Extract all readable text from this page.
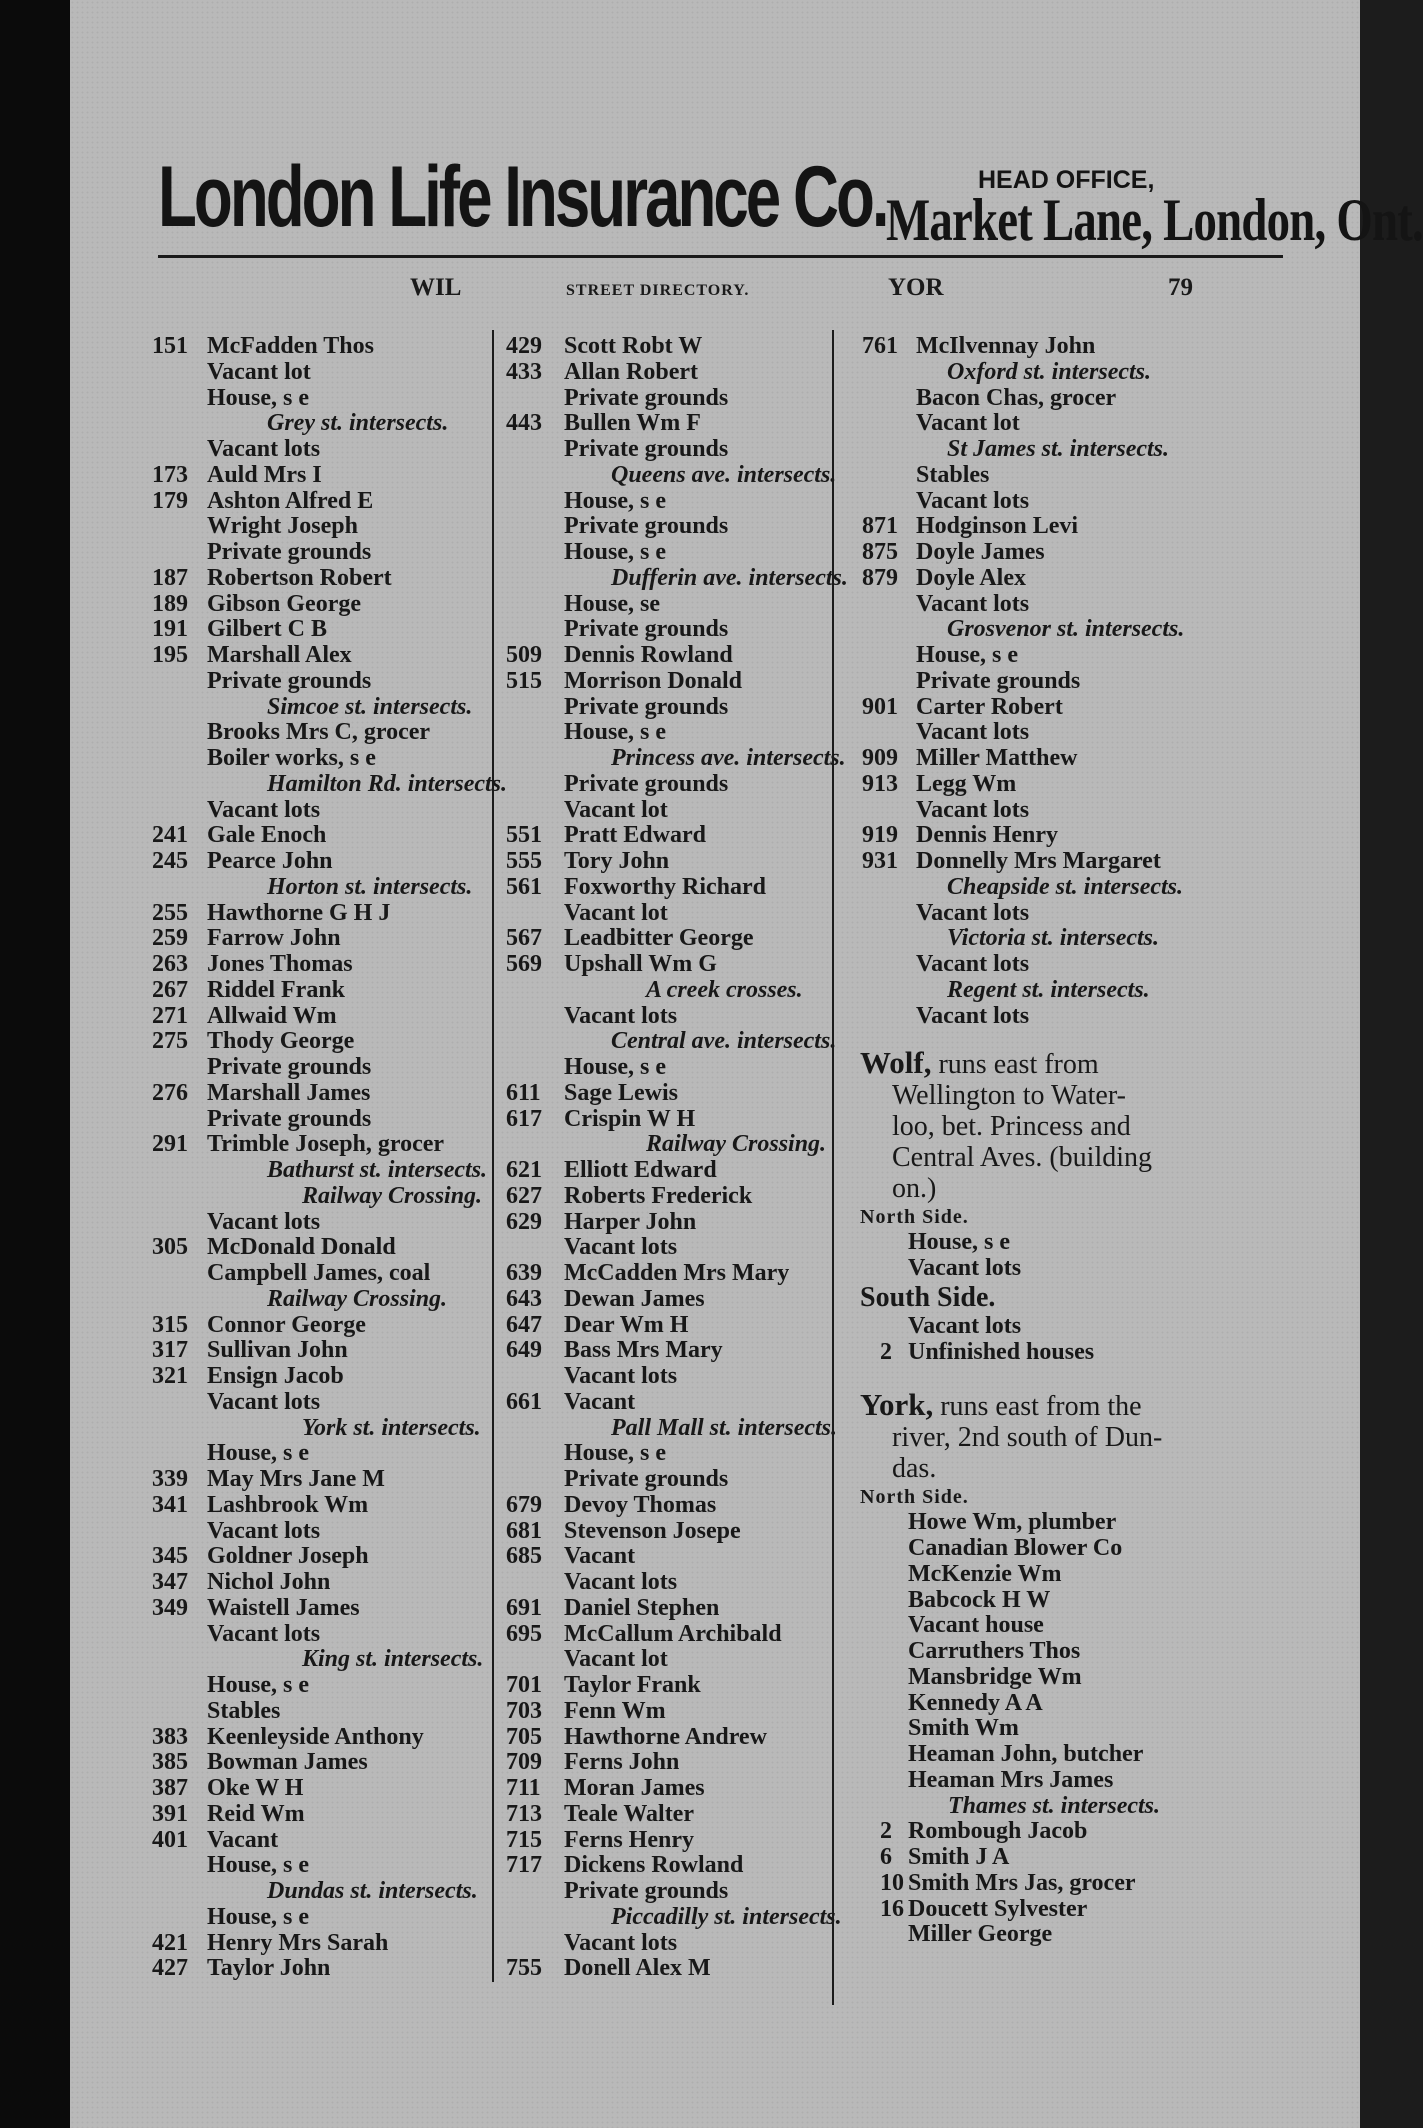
London Life Insurance Co.	HEAD OFFICE,
Market Lane, London, Ont.
WIL	STREET DIRECTORY.	YOR	79
151 McFadden Thos
Vacant lot
House, s e
Grey st. intersects.
Vacant lots
173 Auld Mrs I
179 Ashton Alfred E
Wright Joseph
Private grounds
187 Robertson Robert
189 Gibson George
191 Gilbert C B
195 Marshall Alex
Private grounds
Simcoe st. intersects.
Brooks Mrs C, grocer
Boiler works, s e
Hamilton Rd. intersects.
Vacant lots
241 Gale Enoch
245 Pearce John
Horton st. intersects.
255 Hawthorne G H J
259 Farrow John
263 Jones Thomas
267 Riddel Frank
271 Allwaid Wm
275 Thody George
Private grounds
276 Marshall James
Private grounds
291 Trimble Joseph, grocer
Bathurst st. intersects.
Railway Crossing.
Vacant lots
305 McDonald Donald
Campbell James, coal
Railway Crossing.
315 Connor George
317 Sullivan John
321 Ensign Jacob
Vacant lots
York st. intersects.
House, s e
339 May Mrs Jane M
341 Lashbrook Wm
Vacant lots
345 Goldner Joseph
347 Nichol John
349 Waistell James
Vacant lots
King st. intersects.
House, s e
Stables
383 Keenleyside Anthony
385 Bowman James
387 Oke W H
391 Reid Wm
401 Vacant
House, s e
Dundas st. intersects.
House, s e
421 Henry Mrs Sarah
427 Taylor John
429 Scott Robt W
433 Allan Robert
Private grounds
443 Bullen Wm F
Private grounds
Queens ave. intersects.
House, s e
Private grounds
House, s e
Dufferin ave. intersects.
House, se
Private grounds
509 Dennis Rowland
515 Morrison Donald
Private grounds
House, s e
Princess ave. intersects.
Private grounds
Vacant lot
551 Pratt Edward
555 Tory John
561 Foxworthy Richard
Vacant lot
567 Leadbitter George
569 Upshall Wm G
A creek crosses.
Vacant lots
Central ave. intersects.
House, s e
611 Sage Lewis
617 Crispin W H
Railway Crossing.
621 Elliott Edward
627 Roberts Frederick
629 Harper John
Vacant lots
639 McCadden Mrs Mary
643 Dewan James
647 Dear Wm H
649 Bass Mrs Mary
Vacant lots
661 Vacant
Pall Mall st. intersects.
House, s e
Private grounds
679 Devoy Thomas
681 Stevenson Josepe
685 Vacant
Vacant lots
691 Daniel Stephen
695 McCallum Archibald
Vacant lot
701 Taylor Frank
703 Fenn Wm
705 Hawthorne Andrew
709 Ferns John
711 Moran James
713 Teale Walter
715 Ferns Henry
717 Dickens Rowland
Private grounds
Piccadilly st. intersects.
Vacant lots
755 Donell Alex M
761 McIlvennay John
Oxford st. intersects.
Bacon Chas, grocer
Vacant lot
St James st. intersects.
Stables
Vacant lots
871 Hodginson Levi
875 Doyle James
879 Doyle Alex
Vacant lots
Grosvenor st. intersects.
House, s e
Private grounds
901 Carter Robert
Vacant lots
909 Miller Matthew
913 Legg Wm
Vacant lots
919 Dennis Henry
931 Donnelly Mrs Margaret
Cheapside st. intersects.
Vacant lots
Victoria st. intersects.
Vacant lots
Regent st. intersects.
Vacant lots
Wolf, runs east from
Wellington to Water-
loo, bet. Princess and
Central Aves. (building
on.)
North Side.
House, s e
Vacant lots
South Side.
Vacant lots
2 Unfinished houses
York, runs east from the
river, 2nd south of Dun-
das.
North Side.
Howe Wm, plumber
Canadian Blower Co
McKenzie Wm
Babcock H W
Vacant house
Carruthers Thos
Mansbridge Wm
Kennedy A A
Smith Wm
Heaman John, butcher
Heaman Mrs James
Thames st. intersects.
2 Rombough Jacob
6 Smith J A
10 Smith Mrs Jas, grocer
16 Doucett Sylvester
Miller George
